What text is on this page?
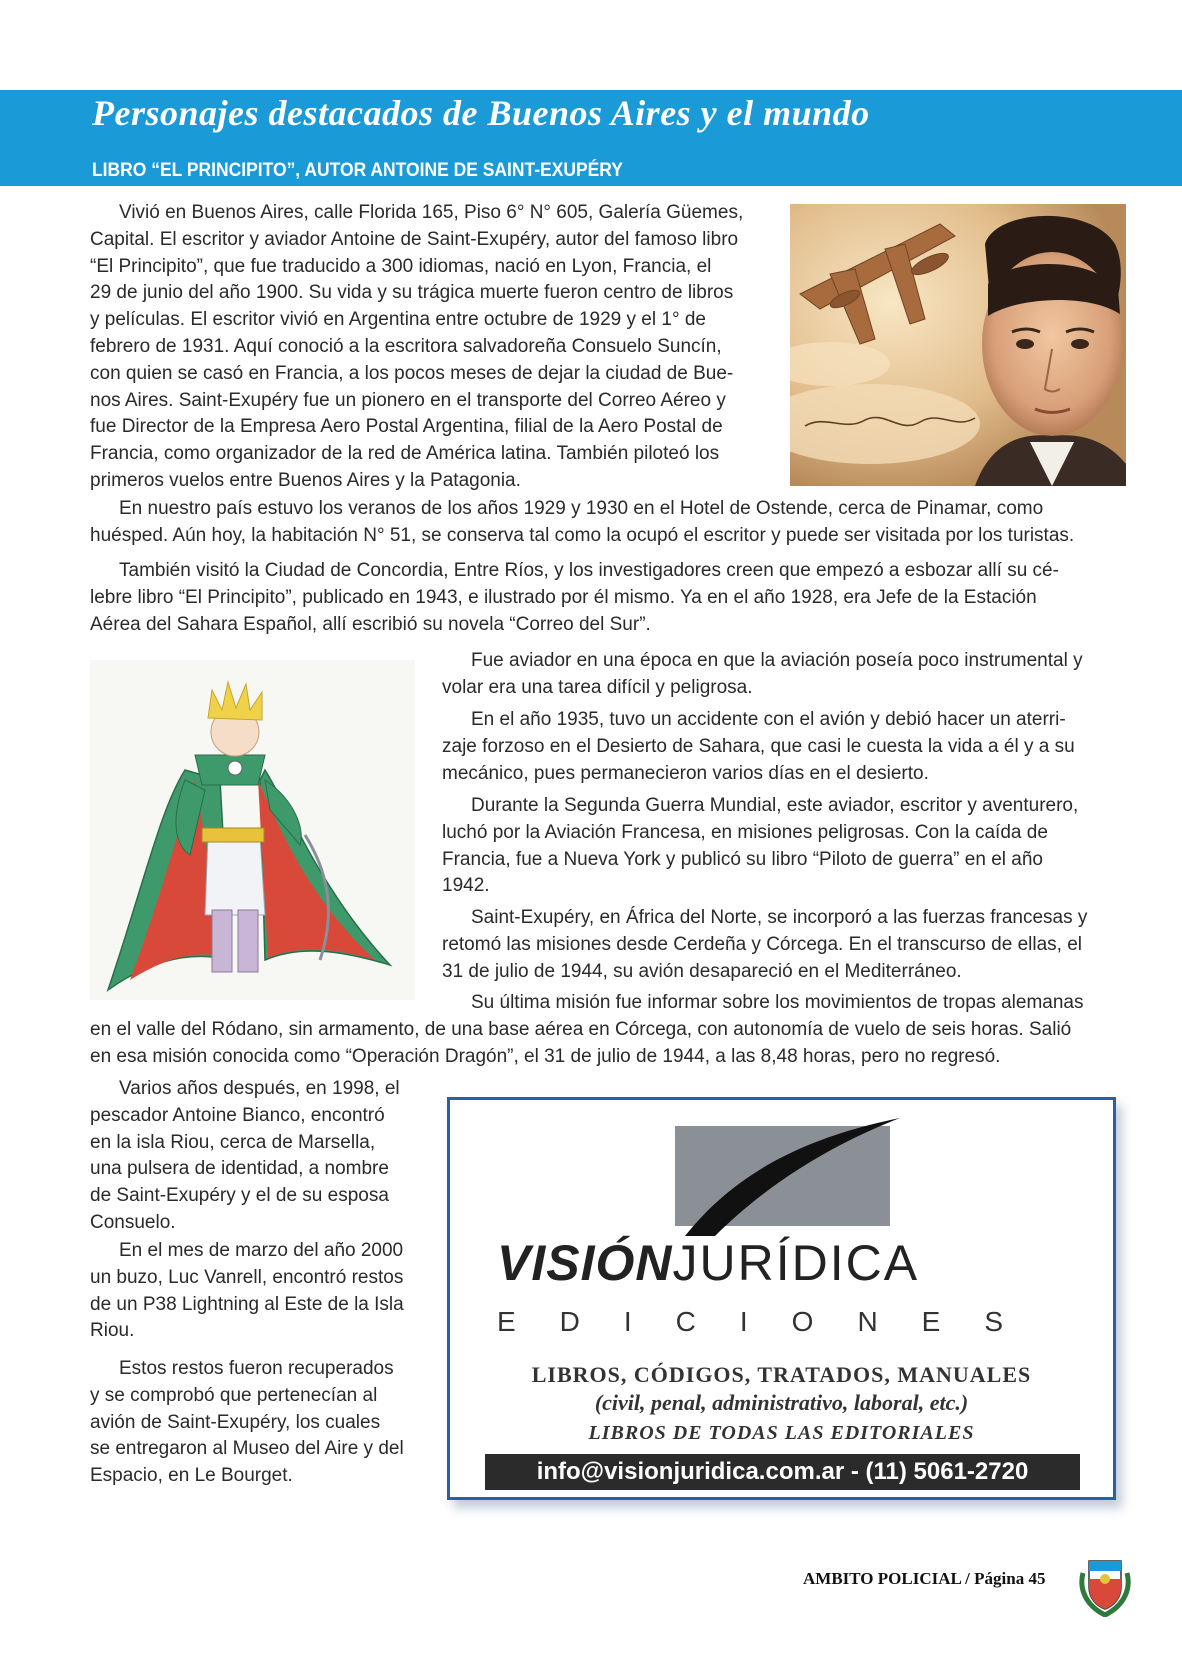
Personajes destacados de Buenos Aires y el mundo
LIBRO “EL PRINCIPITO”, AUTOR ANTOINE DE SAINT-EXUPÉRY
Vivió en Buenos Aires, calle Florida 165, Piso 6° N° 605, Galería Güemes,
Capital. El escritor y aviador Antoine de Saint-Exupéry, autor del famoso libro
“El Principito”, que fue traducido a 300 idiomas, nació en Lyon, Francia, el
29 de junio del año 1900. Su vida y su trágica muerte fueron centro de libros
y películas. El escritor vivió en Argentina entre octubre de 1929 y el 1° de
febrero de 1931. Aquí conoció a la escritora salvadoreña Consuelo Suncín,
con quien se casó en Francia, a los pocos meses de dejar la ciudad de Bue-
nos Aires. Saint-Exupéry fue un pionero en el transporte del Correo Aéreo y
fue Director de la Empresa Aero Postal Argentina, filial de la Aero Postal de
Francia, como organizador de la red de América latina. También piloteó los
primeros vuelos entre Buenos Aires y la Patagonia.
En nuestro país estuvo los veranos de los años 1929 y 1930 en el Hotel de Ostende, cerca de Pinamar, como
huésped. Aún hoy, la habitación N° 51, se conserva tal como la ocupó el escritor y puede ser visitada por los turistas.
También visitó la Ciudad de Concordia, Entre Ríos, y los investigadores creen que empezó a esbozar allí su cé-
lebre libro “El Principito”, publicado en 1943, e ilustrado por él mismo. Ya en el año 1928, era Jefe de la Estación
Aérea del Sahara Español, allí escribió su novela “Correo del Sur”.
Fue aviador en una época en que la aviación poseía poco instrumental y
volar era una tarea difícil y peligrosa.
En el año 1935, tuvo un accidente con el avión y debió hacer un aterri-
zaje forzoso en el Desierto de Sahara, que casi le cuesta la vida a él y a su
mecánico, pues permanecieron varios días en el desierto.
Durante la Segunda Guerra Mundial, este aviador, escritor y aventurero,
luchó por la Aviación Francesa, en misiones peligrosas. Con la caída de
Francia, fue a Nueva York y publicó su libro “Piloto de guerra” en el año
1942.
Saint-Exupéry, en África del Norte, se incorporó a las fuerzas francesas y
retomó las misiones desde Cerdeña y Córcega. En el transcurso de ellas, el
31 de julio de 1944, su avión desapareció en el Mediterráneo.
Su última misión fue informar sobre los movimientos de tropas alemanas
en el valle del Ródano, sin armamento, de una base aérea en Córcega, con autonomía de vuelo de seis horas. Salió
en esa misión conocida como “Operación Dragón”, el 31 de julio de 1944, a las 8,48 horas, pero no regresó.
Varios años después, en 1998, el
pescador Antoine Bianco, encontró
en la isla Riou, cerca de Marsella,
una pulsera de identidad, a nombre
de Saint-Exupéry y el de su esposa
Consuelo.
En el mes de marzo del año 2000
un buzo, Luc Vanrell, encontró restos
de un P38 Lightning al Este de la Isla
Riou.
Estos restos fueron recuperados
y se comprobó que pertenecían al
avión de Saint-Exupéry, los cuales
se entregaron al Museo del Aire y del
Espacio, en Le Bourget.
VISIÓNJURÍDICA
EDICIONES
LIBROS, CÓDIGOS, TRATADOS, MANUALES
(civil, penal, administrativo, laboral, etc.)
LIBROS DE TODAS LAS EDITORIALES
info@visionjuridica.com.ar - (11) 5061-2720
AMBITO POLICIAL / Página 45
